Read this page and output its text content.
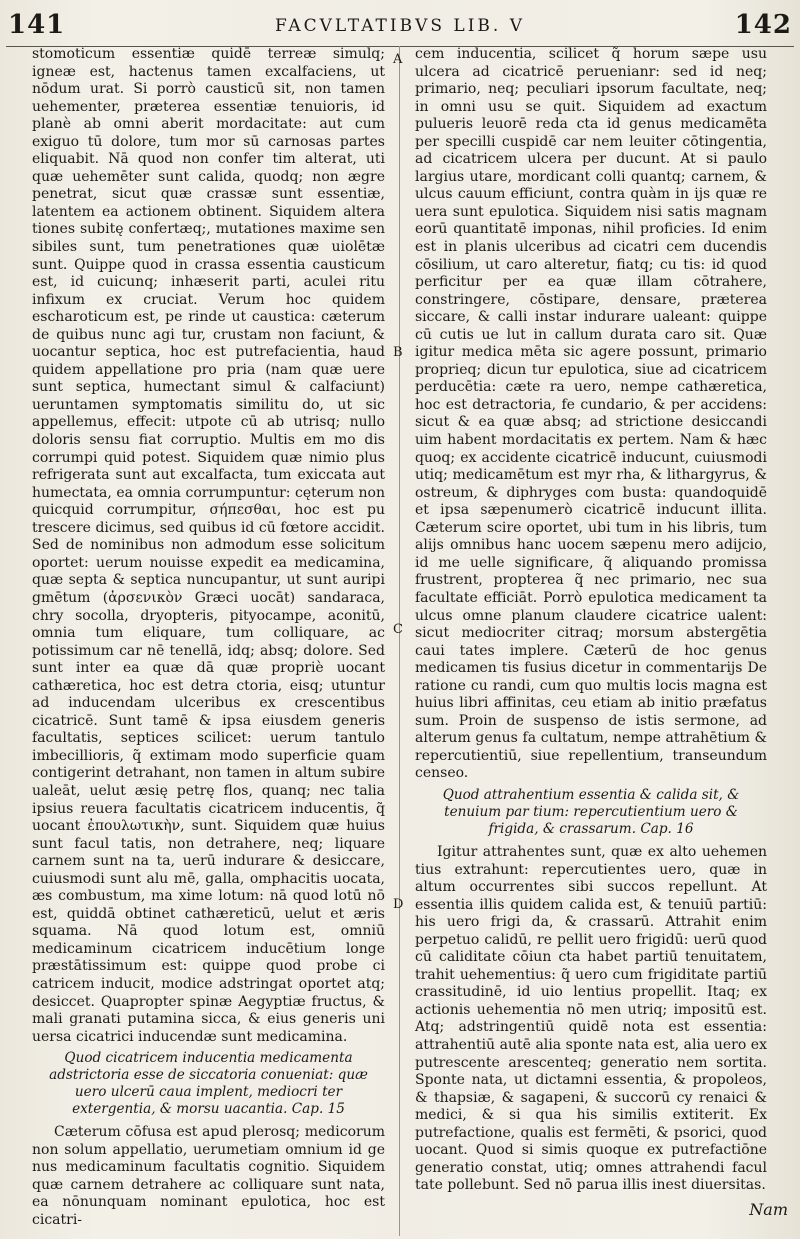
141	FACVLTATIBVS LIB. V	142
A
B
C
D

stomoticum essentiæ quidē terreæ simulq; igneæ est, hactenus tamen excalfaciens, ut nōdum urat. Si porrò causticū sit, non tamen uehementer, præterea essentiæ tenuioris, id planè ab omni aberit mordacitate: aut cum exiguo tū dolore, tum mor sū carnosas partes eliquabit. Nā quod non confer tim alterat, uti quæ uehemēter sunt calida, quodq; non ægre penetrat, sicut quæ crassæ sunt essentiæ, latentem ea actionem obtinent. Siquidem altera tiones subitę confertæq;, mutationes maxime sen sibiles sunt, tum penetrationes quæ uiolētæ sunt. Quippe quod in crassa essentia causticum est, id cuicunq; inhæserit parti, aculei ritu infixum ex cruciat. Verum hoc quidem escharoticum est, pe rinde ut caustica: cæterum de quibus nunc agi tur, crustam non faciunt, & uocantur septica, hoc est putrefacientia, haud quidem appellatione pro pria (nam quæ uere sunt septica, humectant simul & calfaciunt) ueruntamen symptomatis similitu do, ut sic appellemus, effecit: utpote cū ab utrisq; nullo doloris sensu fiat corruptio. Multis em mo dis corrumpi quid potest. Siquidem quæ nimio plus refrigerata sunt aut excalfacta, tum exiccata aut humectata, ea omnia corrumpuntur: cęterum non quicquid corrumpitur, σήπεσθαι, hoc est pu trescere dicimus, sed quibus id cū fœtore accidit. Sed de nominibus non admodum esse solicitum oportet: uerum nouisse expedit ea medicamina, quæ septa & septica nuncupantur, ut sunt auripi gmētum (ἀρσενικὸν Græci uocāt) sandaraca, chry socolla, dryopteris, pityocampe, aconitū, omnia tum eliquare, tum colliquare, ac potissimum car nē tenellā, idq; absq; dolore. Sed sunt inter ea quæ dā quæ propriè uocant cathæretica, hoc est detra ctoria, eisq; utuntur ad inducendam ulceribus ex crescentibus cicatricē. Sunt tamē & ipsa eiusdem generis facultatis, septices scilicet: uerum tantulo imbecillioris, q̃ extimam modo superficie quam contigerint detrahant, non tamen in altum subire ualeāt, uelut æsię petrę flos, quanq; nec talia ipsius reuera facultatis cicatricem inducentis, q̃ uocant ἐπουλωτικὴν, sunt. Siquidem quæ huius sunt facul tatis, non detrahere, neq; liquare carnem sunt na ta, uerū indurare & desiccare, cuiusmodi sunt alu mē, galla, omphacitis uocata, æs combustum, ma xime lotum: nā quod lotū nō est, quiddā obtinet cathæreticū, uelut et æris squama. Nā quod lotum est, omniū medicaminum cicatricem inducētium longe præstātissimum est: quippe quod probe ci catricem inducit, modice adstringat oportet atq; desiccet. Quapropter spinæ Aegyptiæ fructus, & mali granati putamina sicca, & eius generis uni uersa cicatrici inducendæ sunt medicamina.

Quod cicatricem inducentia medicamenta adstrictoria esse de siccatoria conueniat: quæ uero ulcerū caua implent, mediocri ter extergentia, & morsu uacantia. Cap. 15

Cæterum cōfusa est apud plerosq; medicorum non solum appellatio, uerumetiam omnium id ge nus medicaminum facultatis cognitio. Siquidem quæ carnem detrahere ac colliquare sunt nata, ea nōnunquam nominant epulotica, hoc est cicatri-

cem inducentia, scilicet q̃ horum sæpe usu ulcera ad cicatricē peruenianr: sed id neq; primario, neq; peculiari ipsorum facultate, neq; in omni usu se quit. Siquidem ad exactum pulueris leuorē reda cta id genus medicamēta per specilli cuspidē car nem leuiter cōtingentia, ad cicatricem ulcera per ducunt. At si paulo largius utare, mordicant colli quantq; carnem, & ulcus cauum efficiunt, contra quàm in ijs quæ re uera sunt epulotica. Siquidem nisi satis magnam eorū quantitatē imponas, nihil proficies. Id enim est in planis ulceribus ad cicatri cem ducendis cōsilium, ut caro alteretur, fiatq; cu tis: id quod perficitur per ea quæ illam cōtrahere, constringere, cōstipare, densare, præterea siccare, & calli instar indurare ualeant: quippe cū cutis ue lut in callum durata caro sit. Quæ igitur medica mēta sic agere possunt, primario proprieq; dicun tur epulotica, siue ad cicatricem perducētia: cæte ra uero, nempe cathæretica, hoc est detractoria, fe cundario, & per accidens: sicut & ea quæ absq; ad strictione desiccandi uim habent mordacitatis ex pertem. Nam & hæc quoq; ex accidente cicatricē inducunt, cuiusmodi utiq; medicamētum est myr rha, & lithargyrus, & ostreum, & diphryges com busta: quandoquidē et ipsa sæpenumerò cicatricē inducunt illita. Cæterum scire oportet, ubi tum in his libris, tum alijs omnibus hanc uocem sæpenu mero adijcio, id me uelle significare, q̃ aliquando promissa frustrent, propterea q̃ nec primario, nec sua facultate efficiāt. Porrò epulotica medicament ta ulcus omne planum claudere cicatrice ualent: sicut mediocriter citraq; morsum abstergētia caui tates implere. Cæterū de hoc genus medicamen tis fusius dicetur in commentarijs De ratione cu randi, cum quo multis locis magna est huius libri affinitas, ceu etiam ab initio præfatus sum. Proin de suspenso de istis sermone, ad alterum genus fa cultatum, nempe attrahētium & repercutientiū, siue repellentium, transeundum censeo.

Quod attrahentium essentia & calida sit, & tenuium par tium: repercutientium uero & frigida, & crassarum. Cap. 16

Igitur attrahentes sunt, quæ ex alto uehemen tius extrahunt: repercutientes uero, quæ in altum occurrentes sibi succos repellunt. At essentia illis quidem calida est, & tenuiū partiū: his uero frigi da, & crassarū. Attrahit enim perpetuo calidū, re pellit uero frigidū: uerū quod cū caliditate cōiun cta habet partiū tenuitatem, trahit uehementius: q̃ uero cum frigiditate partiū crassitudinē, id uio lentius propellit. Itaq; ex actionis uehementia nō men utriq; impositū est. Atq; adstringentiū quidē nota est essentia: attrahentiū autē alia sponte nata est, alia uero ex putrescente arescenteq; generatio nem sortita. Sponte nata, ut dictamni essentia, & propoleos, & thapsiæ, & sagapeni, & succorū cy renaici & medici, & si qua his similis extiterit. Ex putrefactione, qualis est fermēti, & psorici, quod uocant. Quod si simis quoque ex putrefactiōne generatio constat, utiq; omnes attrahendi facul tate pollebunt. Sed nō parua illis inest diuersitas.

Nam
